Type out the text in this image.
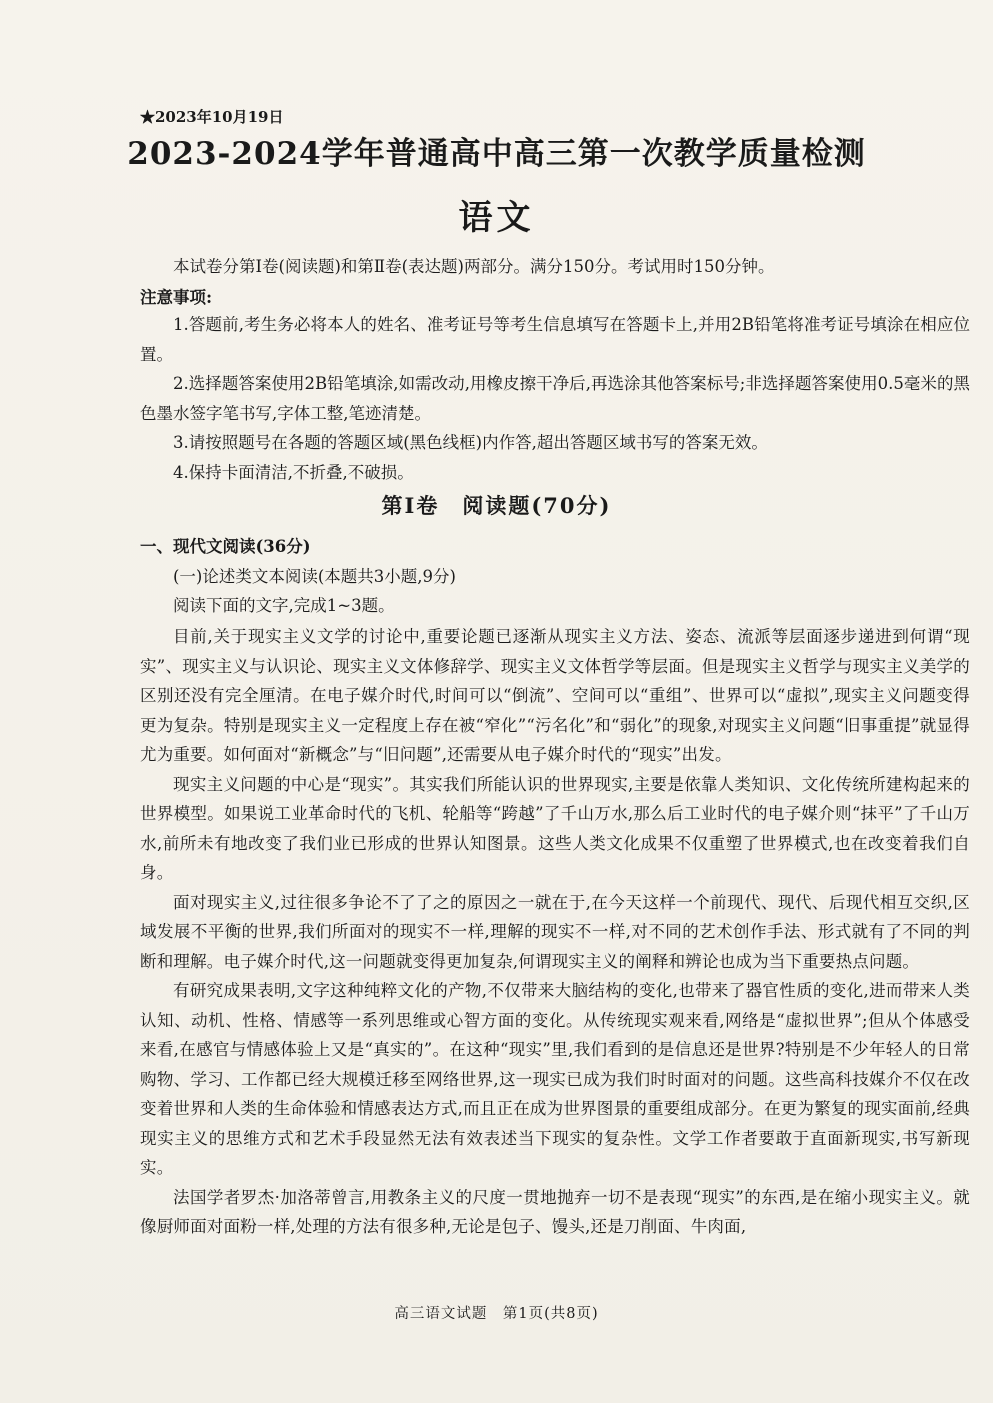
★2023年10月19日
2023-2024学年普通高中高三第一次教学质量检测
语文
本试卷分第Ⅰ卷(阅读题)和第Ⅱ卷(表达题)两部分。满分150分。考试用时150分钟。
注意事项:

1.答题前,考生务必将本人的姓名、准考证号等考生信息填写在答题卡上,并用2B铅笔将准考证号填涂在相应位置。

2.选择题答案使用2B铅笔填涂,如需改动,用橡皮擦干净后,再选涂其他答案标号;非选择题答案使用0.5毫米的黑色墨水签字笔书写,字体工整,笔迹清楚。

3.请按照题号在各题的答题区域(黑色线框)内作答,超出答题区域书写的答案无效。

4.保持卡面清洁,不折叠,不破损。

第Ⅰ卷　阅读题(70分)
一、现代文阅读(36分)
(一)论述类文本阅读(本题共3小题,9分)
阅读下面的文字,完成1~3题。

目前,关于现实主义文学的讨论中,重要论题已逐渐从现实主义方法、姿态、流派等层面逐步递进到何谓“现实”、现实主义与认识论、现实主义文体修辞学、现实主义文体哲学等层面。但是现实主义哲学与现实主义美学的区别还没有完全厘清。在电子媒介时代,时间可以“倒流”、空间可以“重组”、世界可以“虚拟”,现实主义问题变得更为复杂。特别是现实主义一定程度上存在被“窄化”“污名化”和“弱化”的现象,对现实主义问题“旧事重提”就显得尤为重要。如何面对“新概念”与“旧问题”,还需要从电子媒介时代的“现实”出发。

现实主义问题的中心是“现实”。其实我们所能认识的世界现实,主要是依靠人类知识、文化传统所建构起来的世界模型。如果说工业革命时代的飞机、轮船等“跨越”了千山万水,那么后工业时代的电子媒介则“抹平”了千山万水,前所未有地改变了我们业已形成的世界认知图景。这些人类文化成果不仅重塑了世界模式,也在改变着我们自身。

面对现实主义,过往很多争论不了了之的原因之一就在于,在今天这样一个前现代、现代、后现代相互交织,区域发展不平衡的世界,我们所面对的现实不一样,理解的现实不一样,对不同的艺术创作手法、形式就有了不同的判断和理解。电子媒介时代,这一问题就变得更加复杂,何谓现实主义的阐释和辨论也成为当下重要热点问题。

有研究成果表明,文字这种纯粹文化的产物,不仅带来大脑结构的变化,也带来了器官性质的变化,进而带来人类认知、动机、性格、情感等一系列思维或心智方面的变化。从传统现实观来看,网络是“虚拟世界”;但从个体感受来看,在感官与情感体验上又是“真实的”。在这种“现实”里,我们看到的是信息还是世界?特别是不少年轻人的日常购物、学习、工作都已经大规模迁移至网络世界,这一现实已成为我们时时面对的问题。这些高科技媒介不仅在改变着世界和人类的生命体验和情感表达方式,而且正在成为世界图景的重要组成部分。在更为繁复的现实面前,经典现实主义的思维方式和艺术手段显然无法有效表述当下现实的复杂性。文学工作者要敢于直面新现实,书写新现实。

法国学者罗杰·加洛蒂曾言,用教条主义的尺度一贯地抛弃一切不是表现“现实”的东西,是在缩小现实主义。就像厨师面对面粉一样,处理的方法有很多种,无论是包子、馒头,还是刀削面、牛肉面,

高三语文试题　第1页(共8页)
